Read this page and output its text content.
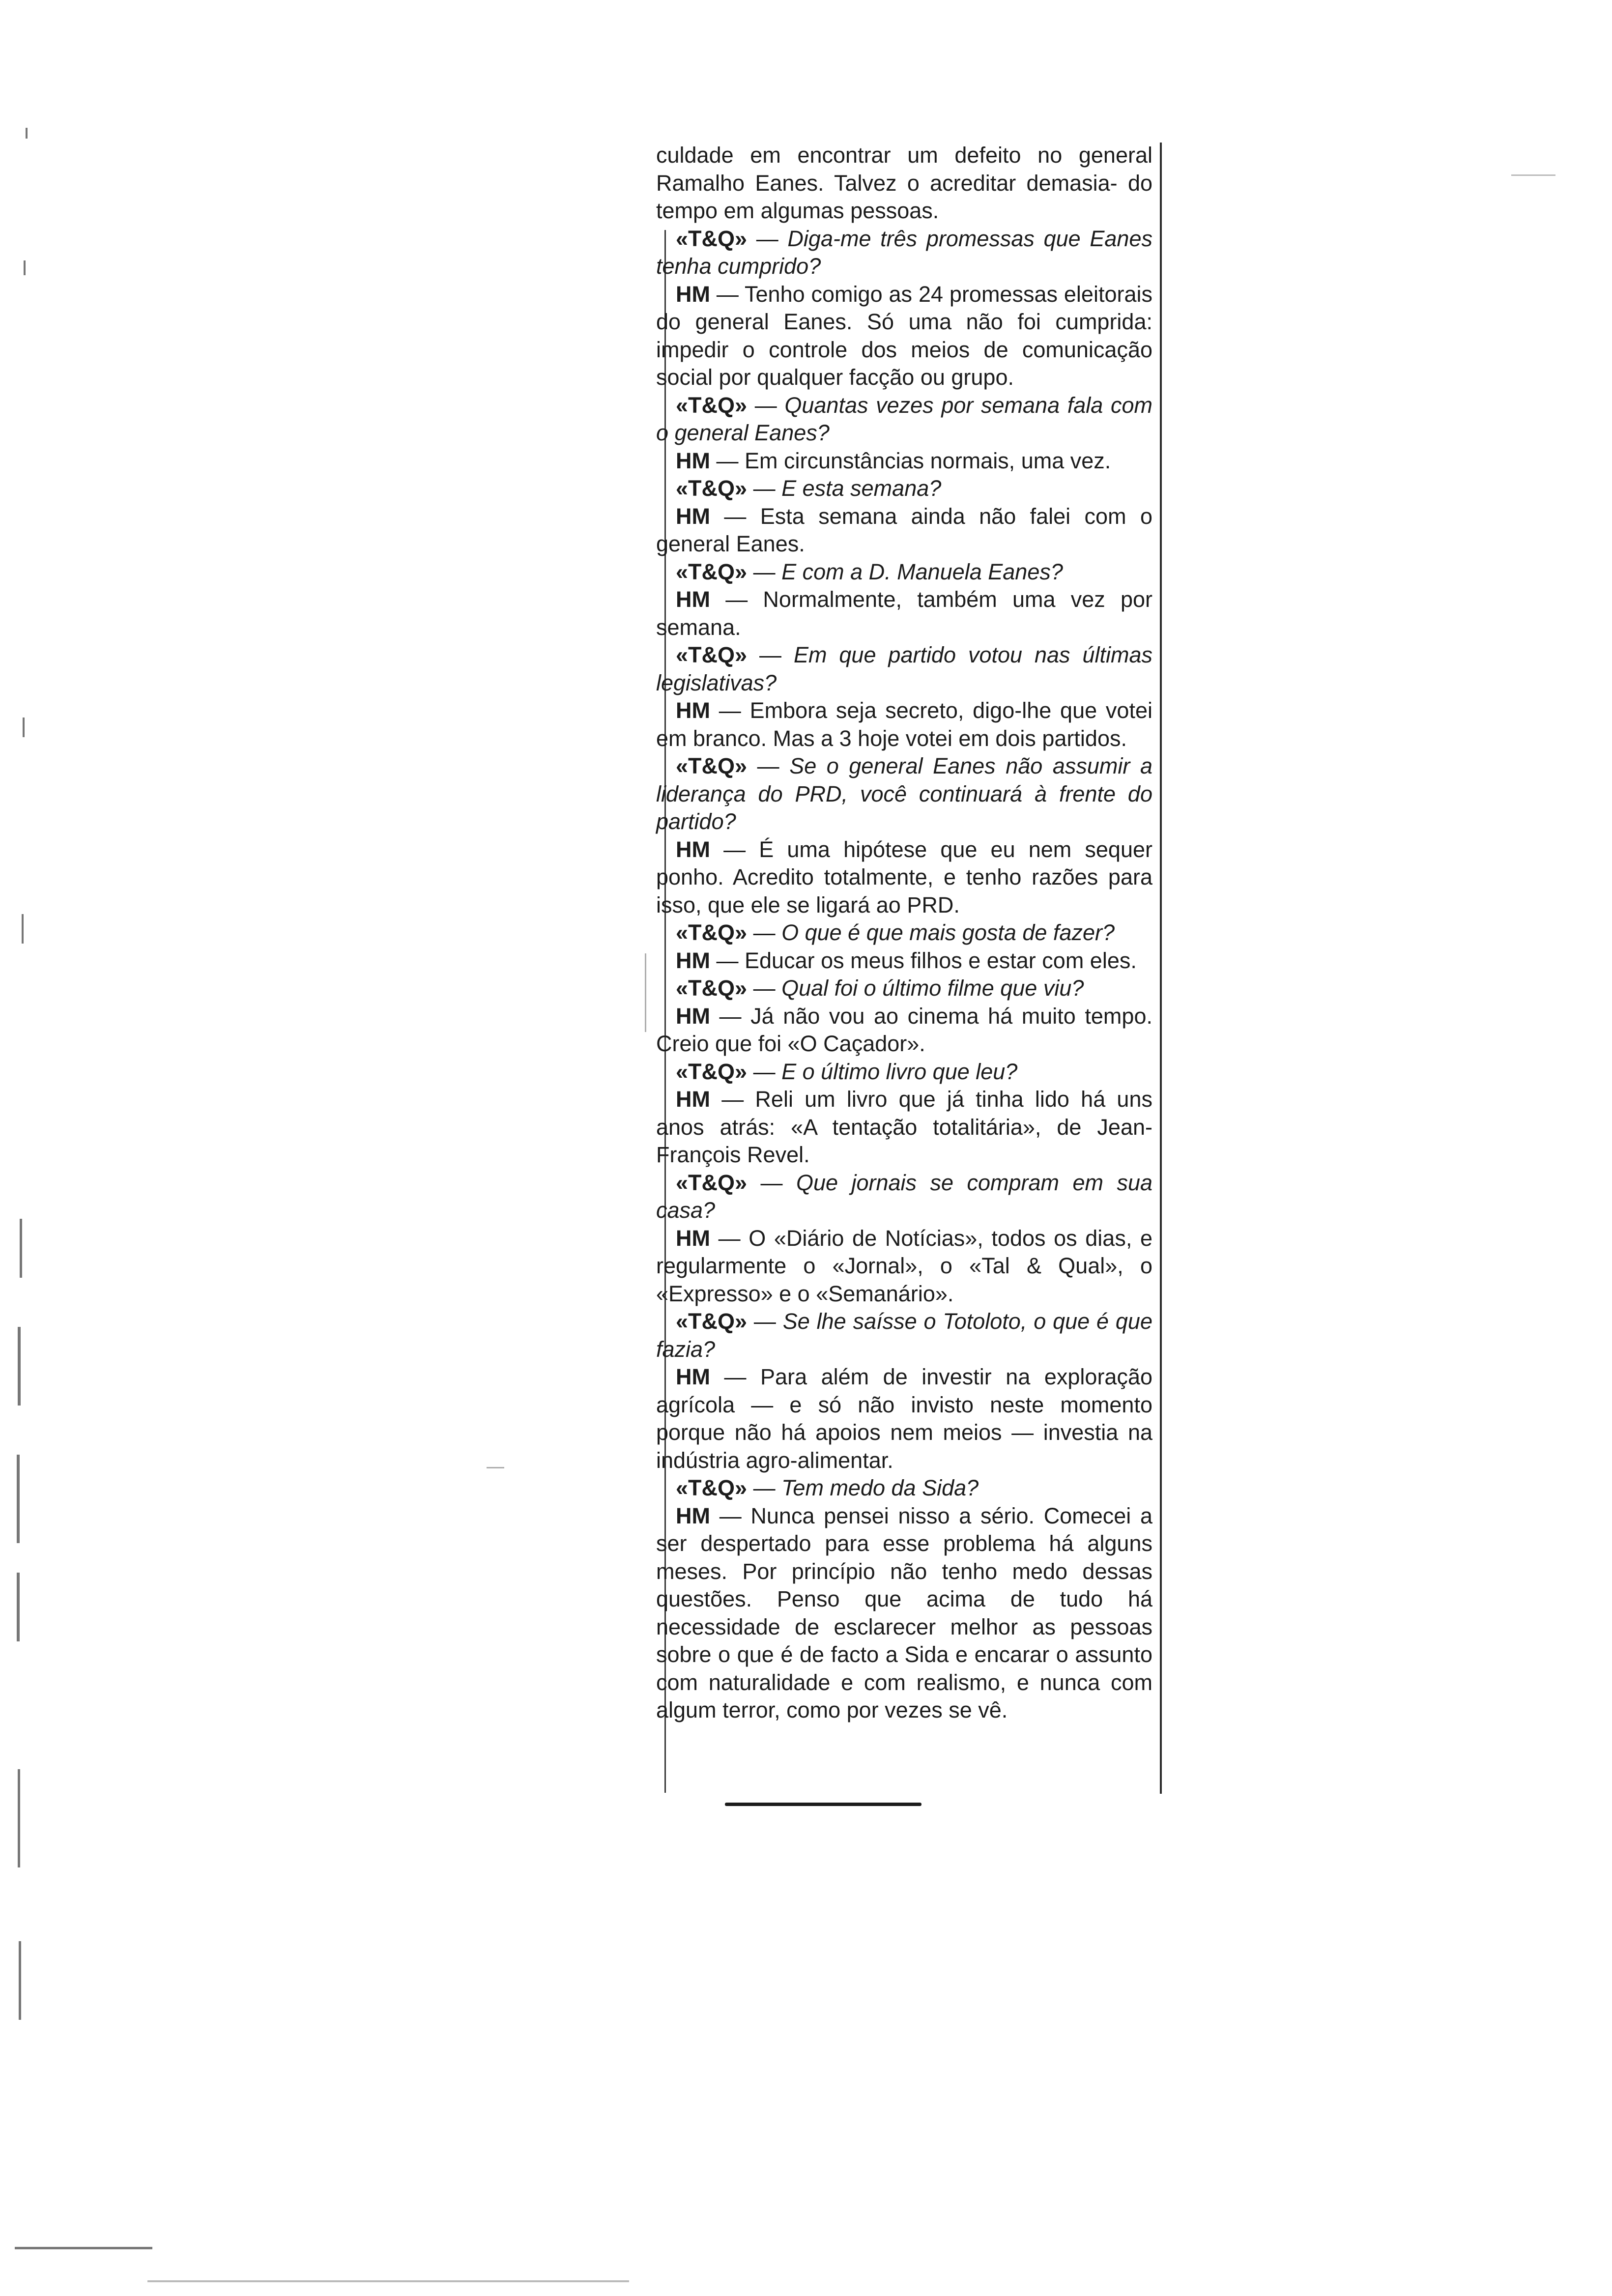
culdade em encontrar um defeito no general Ramalho Eanes. Talvez o acreditar demasia- do tempo em algumas pessoas.

«T&Q» — Diga-me três promessas que Eanes tenha cumprido?

HM — Tenho comigo as 24 promessas eleitorais do general Eanes. Só uma não foi cumprida: impedir o controle dos meios de comunicação social por qualquer facção ou grupo.

«T&Q» — Quantas vezes por semana fala com o general Eanes?

HM — Em circunstâncias normais, uma vez.

«T&Q» — E esta semana?

HM — Esta semana ainda não falei com o general Eanes.

«T&Q» — E com a D. Manuela Eanes?

HM — Normalmente, também uma vez por semana.

«T&Q» — Em que partido votou nas últimas legislativas?

HM — Embora seja secreto, digo-lhe que votei em branco. Mas a 3 hoje votei em dois partidos.

«T&Q» — Se o general Eanes não assumir a liderança do PRD, você continuará à frente do partido?

HM — É uma hipótese que eu nem sequer ponho. Acredito totalmente, e tenho razões para isso, que ele se ligará ao PRD.

«T&Q» — O que é que mais gosta de fazer?

HM — Educar os meus filhos e estar com eles.

«T&Q» — Qual foi o último filme que viu?

HM — Já não vou ao cinema há muito tempo. Creio que foi «O Caçador».

«T&Q» — E o último livro que leu?

HM — Reli um livro que já tinha lido há uns anos atrás: «A tentação totalitária», de Jean-François Revel.

«T&Q» — Que jornais se compram em sua casa?

HM — O «Diário de Notícias», todos os dias, e regularmente o «Jornal», o «Tal & Qual», o «Expresso» e o «Semanário».

«T&Q» — Se lhe saísse o Totoloto, o que é que fazia?

HM — Para além de investir na exploração agrícola — e só não invisto neste momento porque não há apoios nem meios — investia na indústria agro-alimentar.

«T&Q» — Tem medo da Sida?

HM — Nunca pensei nisso a sério. Comecei a ser despertado para esse problema há alguns meses. Por princípio não tenho medo dessas questões. Penso que acima de tudo há necessidade de esclarecer melhor as pessoas sobre o que é de facto a Sida e encarar o assunto com naturalidade e com realismo, e nunca com algum terror, como por vezes se vê.
